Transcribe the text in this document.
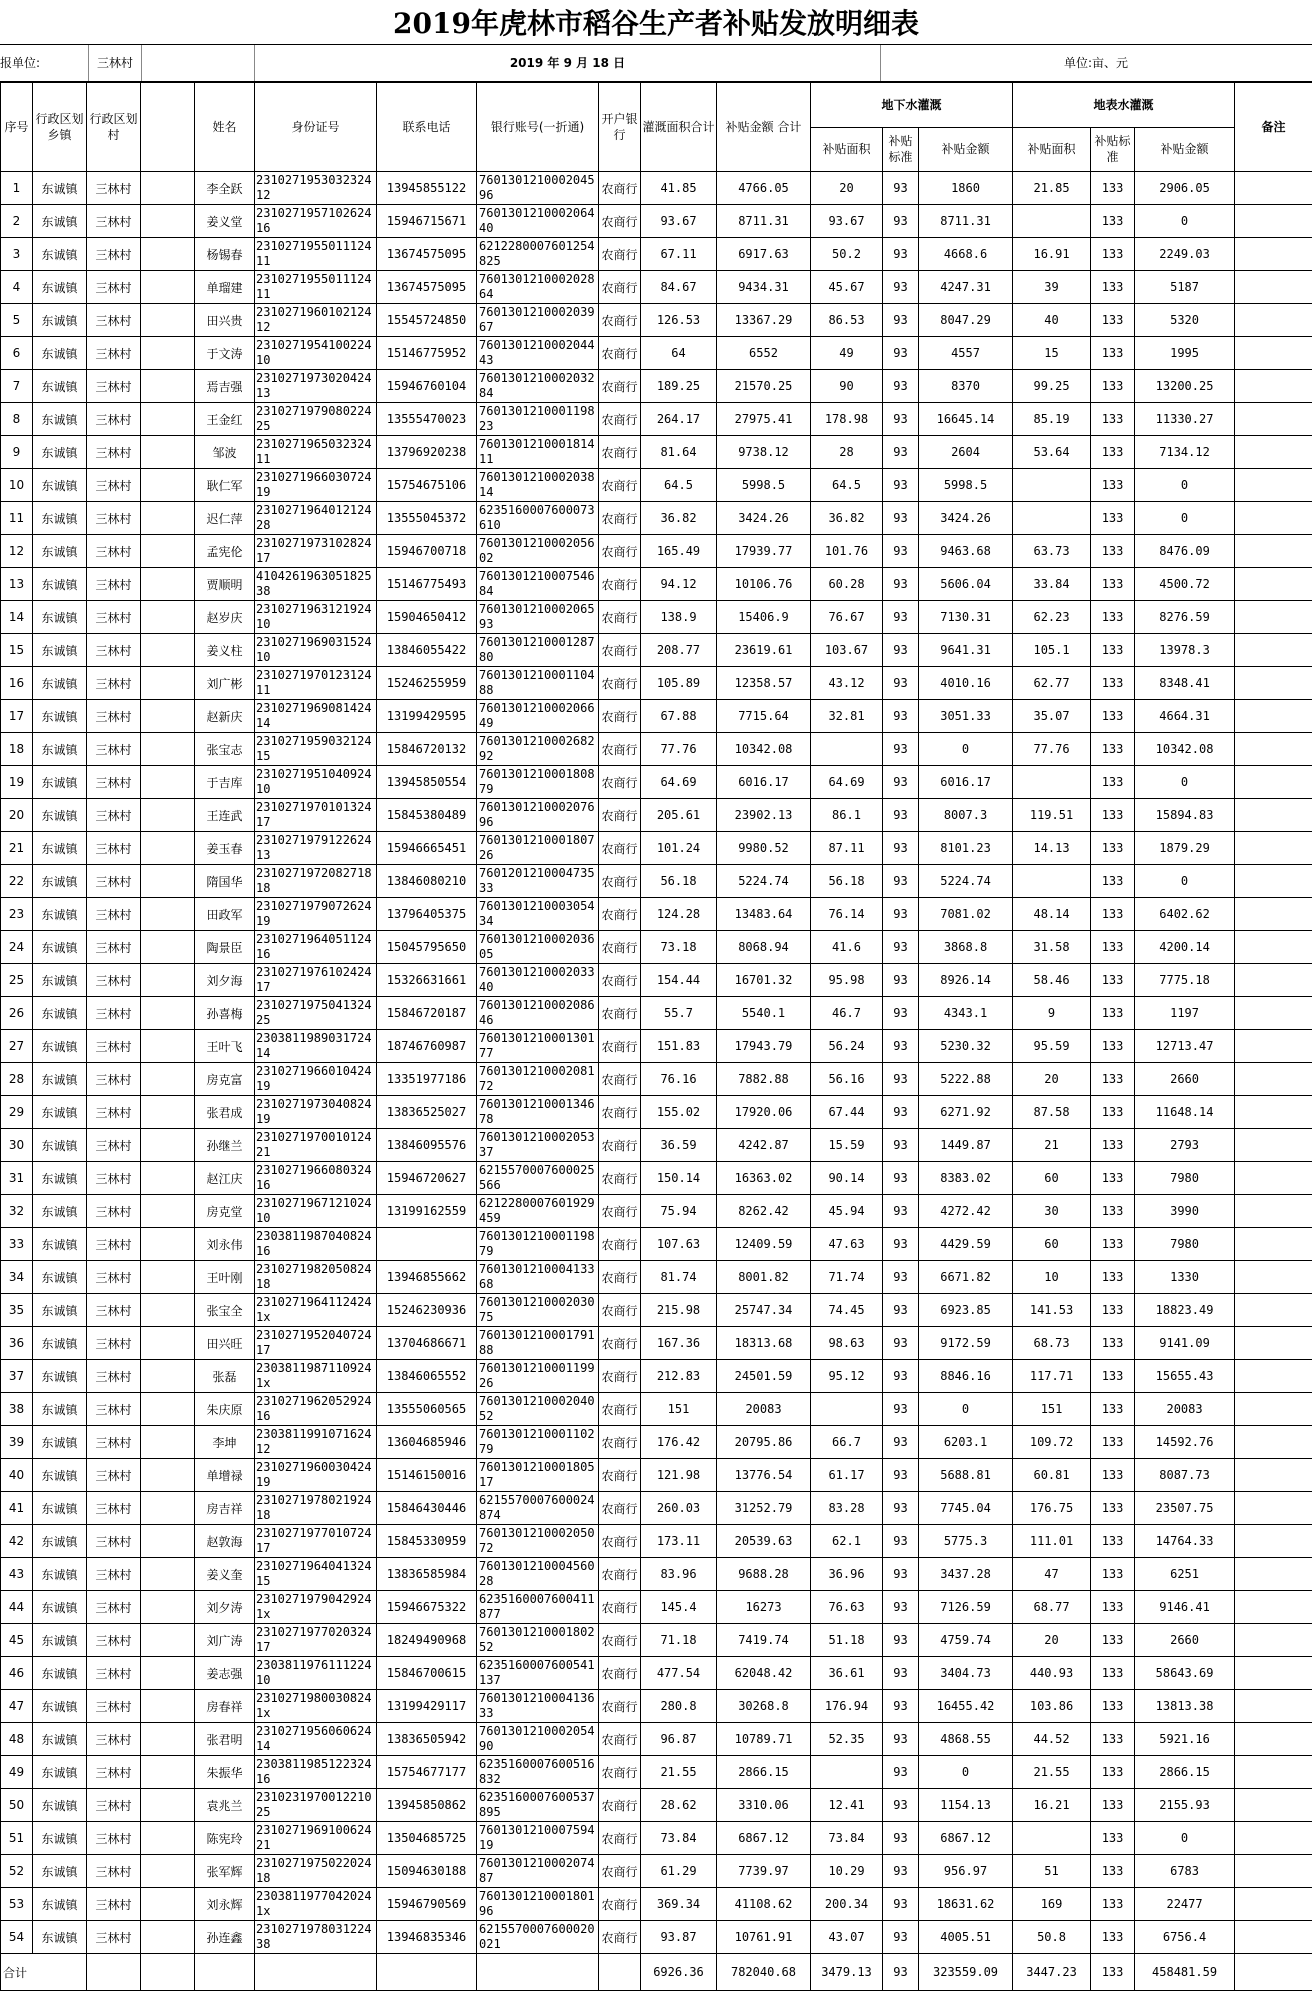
2019年虎林市稻谷生产者补贴发放明细表
报单位:	三林村	2019 年 9 月 18 日	单位:亩、元
序号	行政区划乡镇	行政区划村		姓名	身份证号	联系电话	银行账号(一折通)	开户银行	灌溉面积合计	补贴金额 合计	地下水灌溉			地表水灌溉			备注
											补贴面积	补贴标准	补贴金额	补贴面积	补贴标准	补贴金额	
1	东诚镇	三林村		李全跃	231027195303232412	13945855122	760130121000204596	农商行	41.85	4766.05	20	93	1860	21.85	133	2906.05	
2	东诚镇	三林村		姜义堂	231027195710262416	15946715671	760130121000206440	农商行	93.67	8711.31	93.67	93	8711.31		133	0	
3	东诚镇	三林村		杨锡春	231027195501112411	13674575095	6212280007601254825	农商行	67.11	6917.63	50.2	93	4668.6	16.91	133	2249.03	
4	东诚镇	三林村		单瑠建	231027195501112411	13674575095	760130121000202864	农商行	84.67	9434.31	45.67	93	4247.31	39	133	5187	
5	东诚镇	三林村		田兴贵	231027196010212412	15545724850	760130121000203967	农商行	126.53	13367.29	86.53	93	8047.29	40	133	5320	
6	东诚镇	三林村		于文涛	231027195410022410	15146775952	760130121000204443	农商行	64	6552	49	93	4557	15	133	1995	
7	东诚镇	三林村		焉吉强	231027197302042413	15946760104	760130121000203284	农商行	189.25	21570.25	90	93	8370	99.25	133	13200.25	
8	东诚镇	三林村		王金红	231027197908022425	13555470023	760130121000119823	农商行	264.17	27975.41	178.98	93	16645.14	85.19	133	11330.27	
9	东诚镇	三林村		邹波	231027196503232411	13796920238	760130121000181411	农商行	81.64	9738.12	28	93	2604	53.64	133	7134.12	
10	东诚镇	三林村		耿仁军	231027196603072419	15754675106	760130121000203814	农商行	64.5	5998.5	64.5	93	5998.5		133	0	
11	东诚镇	三林村		迟仁萍	231027196401212428	13555045372	6235160007600073610	农商行	36.82	3424.26	36.82	93	3424.26		133	0	
12	东诚镇	三林村		孟宪伦	231027197310282417	15946700718	760130121000205602	农商行	165.49	17939.77	101.76	93	9463.68	63.73	133	8476.09	
13	东诚镇	三林村		贾顺明	410426196305182538	15146775493	760130121000754684	农商行	94.12	10106.76	60.28	93	5606.04	33.84	133	4500.72	
14	东诚镇	三林村		赵岁庆	231027196312192410	15904650412	760130121000206593	农商行	138.9	15406.9	76.67	93	7130.31	62.23	133	8276.59	
15	东诚镇	三林村		姜义柱	231027196903152410	13846055422	760130121000128780	农商行	208.77	23619.61	103.67	93	9641.31	105.1	133	13978.3	
16	东诚镇	三林村		刘广彬	231027197012312411	15246255959	760130121000110488	农商行	105.89	12358.57	43.12	93	4010.16	62.77	133	8348.41	
17	东诚镇	三林村		赵新庆	231027196908142414	13199429595	760130121000206649	农商行	67.88	7715.64	32.81	93	3051.33	35.07	133	4664.31	
18	东诚镇	三林村		张宝志	231027195903212415	15846720132	760130121000268292	农商行	77.76	10342.08		93	0	77.76	133	10342.08	
19	东诚镇	三林村		于吉库	231027195104092410	13945850554	760130121000180879	农商行	64.69	6016.17	64.69	93	6016.17		133	0	
20	东诚镇	三林村		王连武	231027197010132417	15845380489	760130121000207696	农商行	205.61	23902.13	86.1	93	8007.3	119.51	133	15894.83	
21	东诚镇	三林村		姜玉春	231027197912262413	15946665451	760130121000180726	农商行	101.24	9980.52	87.11	93	8101.23	14.13	133	1879.29	
22	东诚镇	三林村		隋国华	231027197208271818	13846080210	760120121000473533	农商行	56.18	5224.74	56.18	93	5224.74		133	0	
23	东诚镇	三林村		田政军	231027197907262419	13796405375	760130121000305434	农商行	124.28	13483.64	76.14	93	7081.02	48.14	133	6402.62	
24	东诚镇	三林村		陶景臣	231027196405112416	15045795650	760130121000203605	农商行	73.18	8068.94	41.6	93	3868.8	31.58	133	4200.14	
25	东诚镇	三林村		刘夕海	231027197610242417	15326631661	760130121000203340	农商行	154.44	16701.32	95.98	93	8926.14	58.46	133	7775.18	
26	东诚镇	三林村		孙喜梅	231027197504132425	15846720187	760130121000208646	农商行	55.7	5540.1	46.7	93	4343.1	9	133	1197	
27	东诚镇	三林村		王叶飞	230381198903172414	18746760987	760130121000130177	农商行	151.83	17943.79	56.24	93	5230.32	95.59	133	12713.47	
28	东诚镇	三林村		房克富	231027196601042419	13351977186	760130121000208172	农商行	76.16	7882.88	56.16	93	5222.88	20	133	2660	
29	东诚镇	三林村		张君成	231027197304082419	13836525027	760130121000134678	农商行	155.02	17920.06	67.44	93	6271.92	87.58	133	11648.14	
30	东诚镇	三林村		孙继兰	231027197001012421	13846095576	760130121000205337	农商行	36.59	4242.87	15.59	93	1449.87	21	133	2793	
31	东诚镇	三林村		赵江庆	231027196608032416	15946720627	6215570007600025566	农商行	150.14	16363.02	90.14	93	8383.02	60	133	7980	
32	东诚镇	三林村		房克堂	231027196712102410	13199162559	6212280007601929459	农商行	75.94	8262.42	45.94	93	4272.42	30	133	3990	
33	东诚镇	三林村		刘永伟	230381198704082416		760130121000119879	农商行	107.63	12409.59	47.63	93	4429.59	60	133	7980	
34	东诚镇	三林村		王叶刚	231027198205082418	13946855662	760130121000413368	农商行	81.74	8001.82	71.74	93	6671.82	10	133	1330	
35	东诚镇	三林村		张宝全	23102719641124241x	15246230936	760130121000203075	农商行	215.98	25747.34	74.45	93	6923.85	141.53	133	18823.49	
36	东诚镇	三林村		田兴旺	231027195204072417	13704686671	760130121000179188	农商行	167.36	18313.68	98.63	93	9172.59	68.73	133	9141.09	
37	东诚镇	三林村		张磊	23038119871109241x	13846065552	760130121000119926	农商行	212.83	24501.59	95.12	93	8846.16	117.71	133	15655.43	
38	东诚镇	三林村		朱庆原	231027196205292416	13555060565	760130121000204052	农商行	151	20083		93	0	151	133	20083	
39	东诚镇	三林村		李坤	230381199107162412	13604685946	760130121000110279	农商行	176.42	20795.86	66.7	93	6203.1	109.72	133	14592.76	
40	东诚镇	三林村		单增禄	231027196003042419	15146150016	760130121000180517	农商行	121.98	13776.54	61.17	93	5688.81	60.81	133	8087.73	
41	东诚镇	三林村		房吉祥	231027197802192418	15846430446	6215570007600024874	农商行	260.03	31252.79	83.28	93	7745.04	176.75	133	23507.75	
42	东诚镇	三林村		赵敦海	231027197701072417	15845330959	760130121000205072	农商行	173.11	20539.63	62.1	93	5775.3	111.01	133	14764.33	
43	东诚镇	三林村		姜义奎	231027196404132415	13836585984	760130121000456028	农商行	83.96	9688.28	36.96	93	3437.28	47	133	6251	
44	东诚镇	三林村		刘夕涛	23102719790429241x	15946675322	6235160007600411877	农商行	145.4	16273	76.63	93	7126.59	68.77	133	9146.41	
45	东诚镇	三林村		刘广涛	231027197702032417	18249490968	760130121000180252	农商行	71.18	7419.74	51.18	93	4759.74	20	133	2660	
46	东诚镇	三林村		姜志强	230381197611122410	15846700615	6235160007600541137	农商行	477.54	62048.42	36.61	93	3404.73	440.93	133	58643.69	
47	东诚镇	三林村		房春祥	23102719800308241x	13199429117	760130121000413633	农商行	280.8	30268.8	176.94	93	16455.42	103.86	133	13813.38	
48	东诚镇	三林村		张君明	231027195606062414	13836505942	760130121000205490	农商行	96.87	10789.71	52.35	93	4868.55	44.52	133	5921.16	
49	东诚镇	三林村		朱振华	230381198512232416	15754677177	6235160007600516832	农商行	21.55	2866.15		93	0	21.55	133	2866.15	
50	东诚镇	三林村		袁兆兰	231023197001221025	13945850862	6235160007600537895	农商行	28.62	3310.06	12.41	93	1154.13	16.21	133	2155.93	
51	东诚镇	三林村		陈宪玲	231027196910062421	13504685725	760130121000759419	农商行	73.84	6867.12	73.84	93	6867.12		133	0	
52	东诚镇	三林村		张军辉	231027197502202418	15094630188	760130121000207487	农商行	61.29	7739.97	10.29	93	956.97	51	133	6783	
53	东诚镇	三林村		刘永辉	23038119770420241x	15946790569	760130121000180196	农商行	369.34	41108.62	200.34	93	18631.62	169	133	22477	
54	东诚镇	三林村		孙连鑫	231027197803122438	13946835346	6215570007600020021	农商行	93.87	10761.91	43.07	93	4005.51	50.8	133	6756.4	
合计									6926.36	782040.68	3479.13	93	323559.09	3447.23	133	458481.59	
